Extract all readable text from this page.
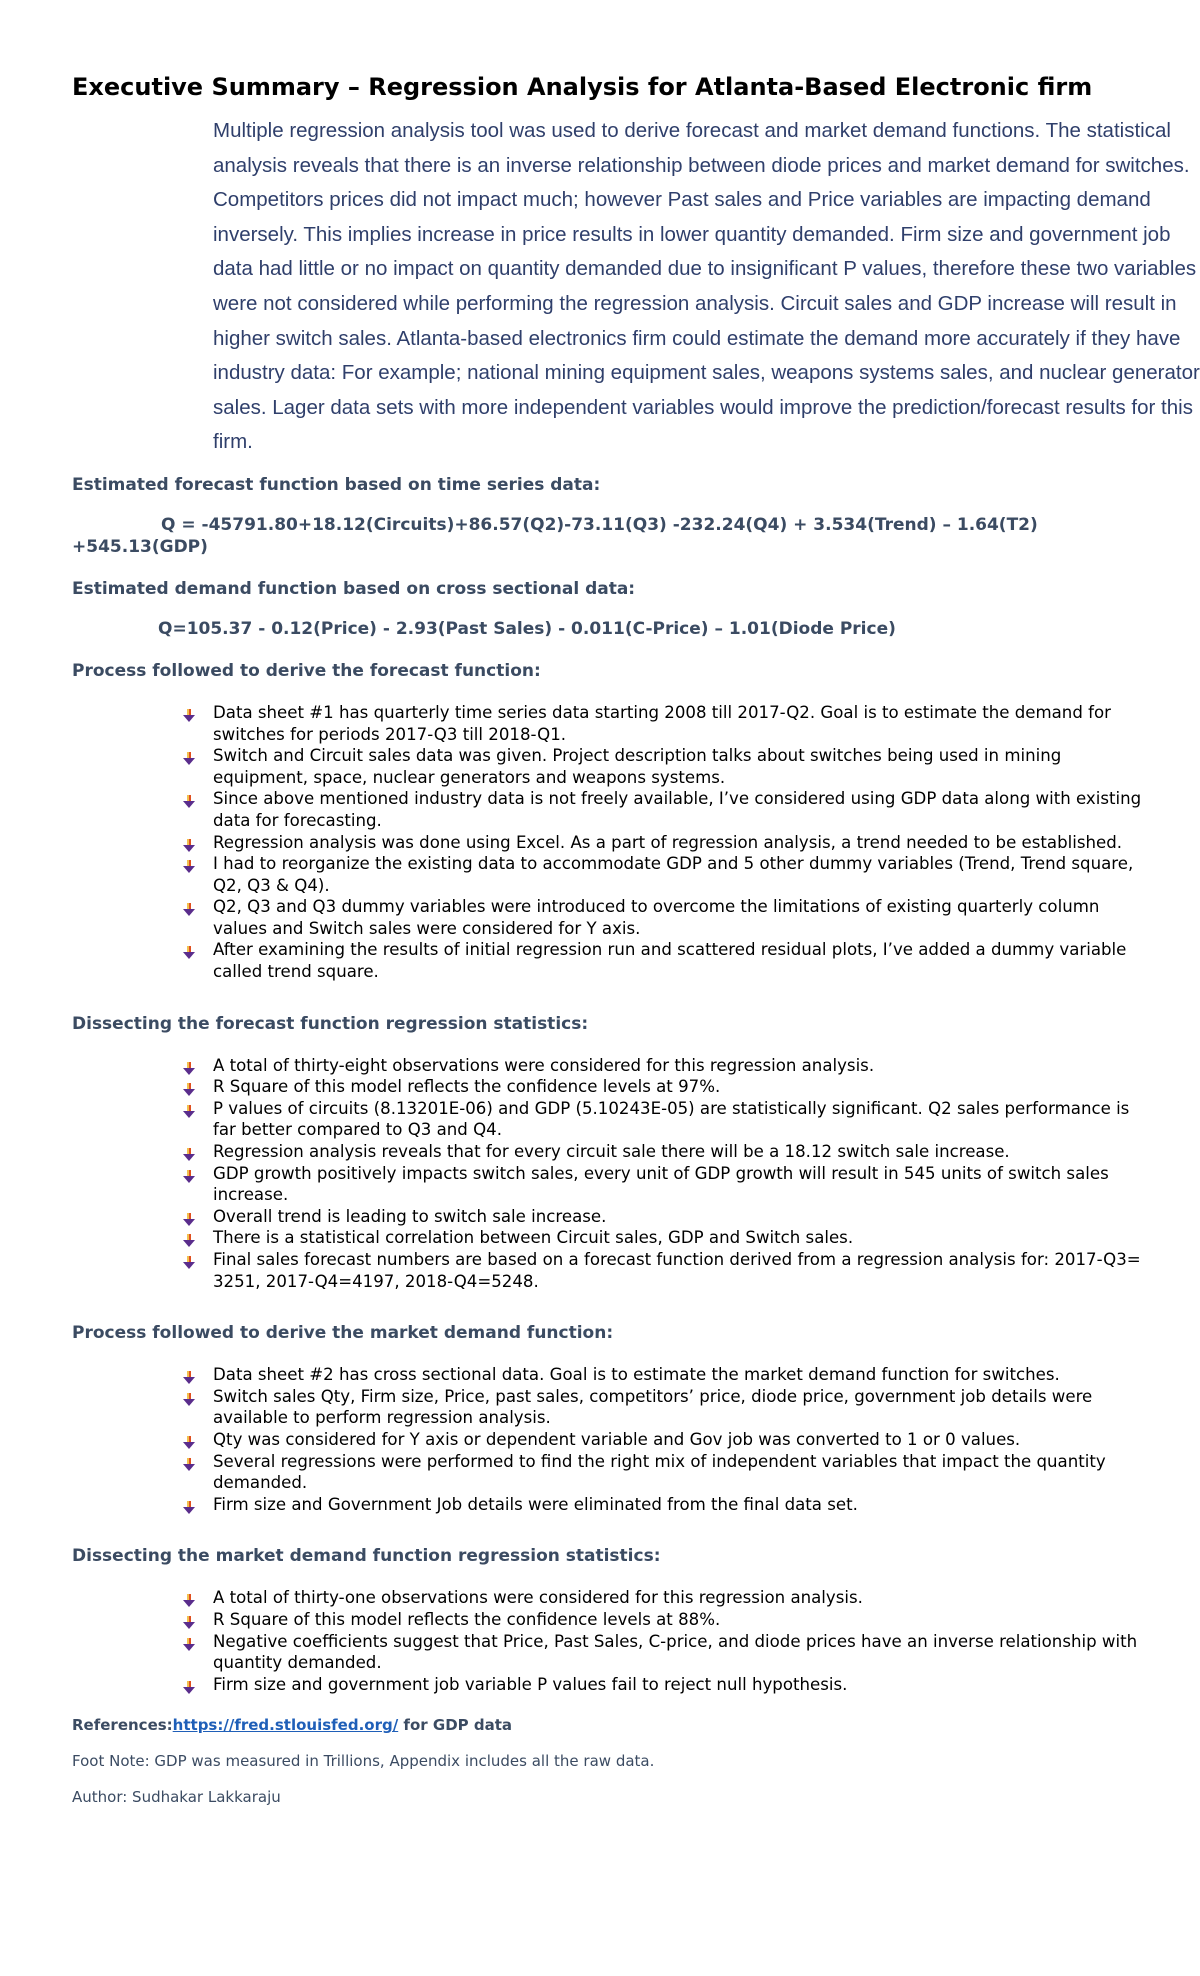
Executive Summary – Regression Analysis for Atlanta-Based Electronic firm

Multiple regression analysis tool was used to derive forecast and market demand functions. The statistical analysis reveals that there is an inverse relationship between diode prices and market demand for switches. Competitors prices did not impact much; however Past sales and Price variables are impacting demand inversely. This implies increase in price results in lower quantity demanded. Firm size and government job data had little or no impact on quantity demanded due to insignificant P values, therefore these two variables were not considered while performing the regression analysis. Circuit sales and GDP increase will result in higher switch sales. Atlanta-based electronics firm could estimate the demand more accurately if they have industry data: For example; national mining equipment sales, weapons systems sales, and nuclear generator sales. Lager data sets with more independent variables would improve the prediction/forecast results for this firm.

Estimated forecast function based on time series data:

Q = -45791.80+18.12(Circuits)+86.57(Q2)-73.11(Q3) -232.24(Q4) + 3.534(Trend) – 1.64(T2) +545.13(GDP)

Estimated demand function based on cross sectional data:

Q=105.37 - 0.12(Price) - 2.93(Past Sales) - 0.011(C-Price) – 1.01(Diode Price)

Process followed to derive the forecast function:

Data sheet #1 has quarterly time series data starting 2008 till 2017-Q2. Goal is to estimate the demand for switches for periods 2017-Q3 till 2018-Q1.
Switch and Circuit sales data was given. Project description talks about switches being used in mining equipment, space, nuclear generators and weapons systems.
Since above mentioned industry data is not freely available, I’ve considered using GDP data along with existing data for forecasting.
Regression analysis was done using Excel. As a part of regression analysis, a trend needed to be established.
I had to reorganize the existing data to accommodate GDP and 5 other dummy variables (Trend, Trend square, Q2, Q3 & Q4).
Q2, Q3 and Q3 dummy variables were introduced to overcome the limitations of existing quarterly column values and Switch sales were considered for Y axis.
After examining the results of initial regression run and scattered residual plots, I’ve added a dummy variable called trend square.

Dissecting the forecast function regression statistics:

A total of thirty-eight observations were considered for this regression analysis.
R Square of this model reflects the confidence levels at 97%.
P values of circuits (8.13201E-06) and GDP (5.10243E-05) are statistically significant. Q2 sales performance is far better compared to Q3 and Q4.
Regression analysis reveals that for every circuit sale there will be a 18.12 switch sale increase.
GDP growth positively impacts switch sales, every unit of GDP growth will result in 545 units of switch sales increase.
Overall trend is leading to switch sale increase.
There is a statistical correlation between Circuit sales, GDP and Switch sales.
Final sales forecast numbers are based on a forecast function derived from a regression analysis for: 2017-Q3= 3251, 2017-Q4=4197, 2018-Q4=5248.

Process followed to derive the market demand function:

Data sheet #2 has cross sectional data. Goal is to estimate the market demand function for switches.
Switch sales Qty, Firm size, Price, past sales, competitors’ price, diode price, government job details were available to perform regression analysis.
Qty was considered for Y axis or dependent variable and Gov job was converted to 1 or 0 values.
Several regressions were performed to find the right mix of independent variables that impact the quantity demanded.
Firm size and Government Job details were eliminated from the final data set.

Dissecting the market demand function regression statistics:

A total of thirty-one observations were considered for this regression analysis.
R Square of this model reflects the confidence levels at 88%.
Negative coefficients suggest that Price, Past Sales, C-price, and diode prices have an inverse relationship with quantity demanded.
Firm size and government job variable P values fail to reject null hypothesis.

References:https://fred.stlouisfed.org/ for GDP data

Foot Note: GDP was measured in Trillions, Appendix includes all the raw data.

Author: Sudhakar Lakkaraju
